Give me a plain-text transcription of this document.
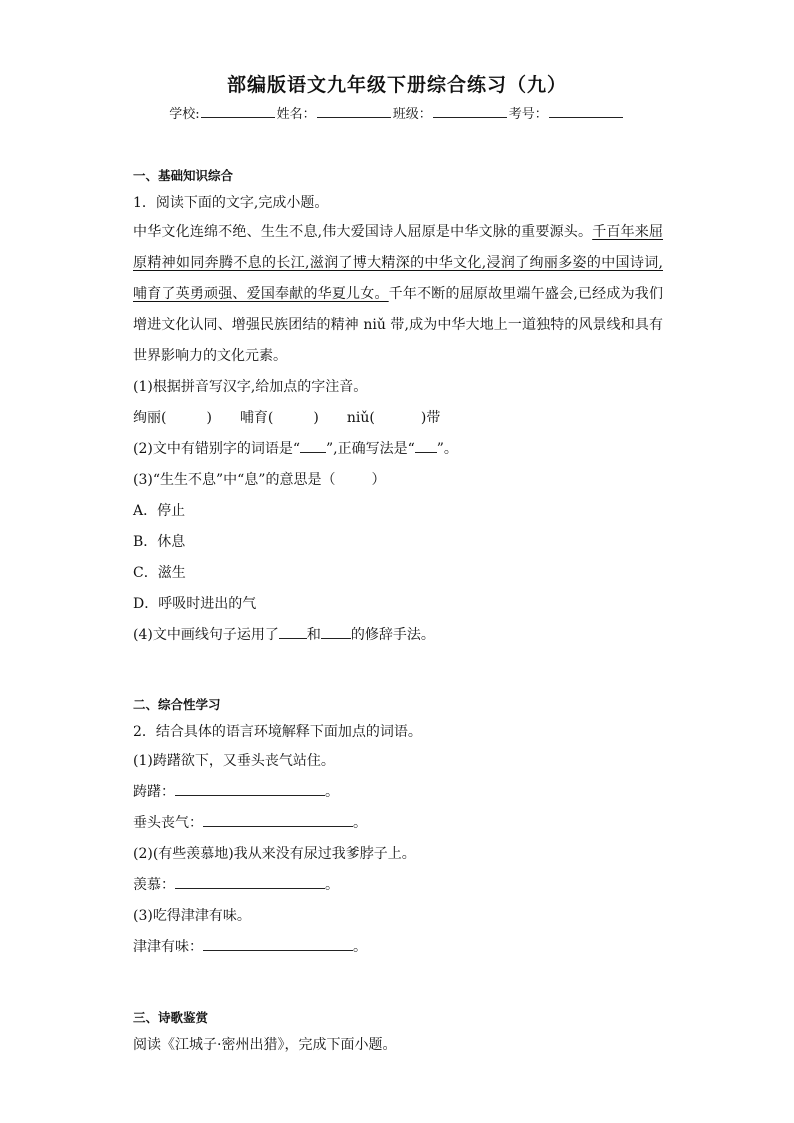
部编版语文九年级下册综合练习（九）
学校:	姓名：	班级：	考号：
一、基础知识综合
1．阅读下面的文字,完成小题。
中华文化连绵不绝、生生不息,伟大爱国诗人屈原是中华文脉的重要源头。千百年来屈原精神如同奔腾不息的长江,滋润了博大精深的中华文化,浸润了绚丽多姿的中国诗词,哺育了英勇顽强、爱国奉献的华夏儿女。千年不断的屈原故里端午盛会,已经成为我们增进文化认同、增强民族团结的精神 niǔ 带,成为中华大地上一道独特的风景线和具有世界影响力的文化元素。
(1)根据拼音写汉字,给加点的字注音。
绚丽(	) 哺育(	) niǔ(	)带
(2)文中有错别字的词语是“ ”,正确写法是“ ”。
(3)“生生不息”中“息”的意思是（	）
A．停止
B．休息
C．滋生
D．呼吸时进出的气
(4)文中画线句子运用了 和 的修辞手法。
二、综合性学习
2．结合具体的语言环境解释下面加点的词语。
(1)踌躇欲下，又垂头丧气站住。
踌躇：	。
垂头丧气：	。
(2)(有些羡慕地)我从来没有尿过我爹脖子上。
羡慕：	。
(3)吃得津津有味。
津津有味：	。
三、诗歌鉴赏
阅读《江城子·密州出猎》，完成下面小题。
